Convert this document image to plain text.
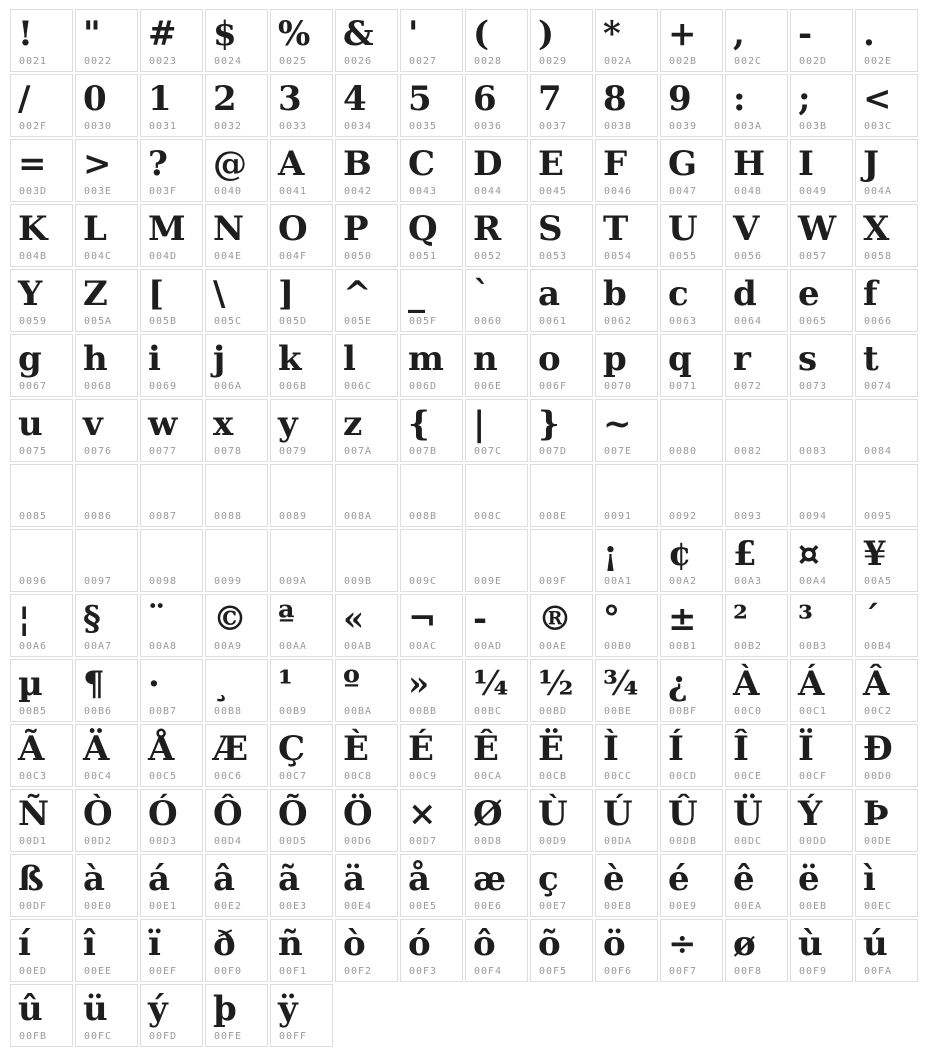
!
0021
"
0022
#
0023
$
0024
%
0025
&
0026
'
0027
(
0028
)
0029
*
002A
+
002B
,
002C
-
002D
.
002E
/
002F
0
0030
1
0031
2
0032
3
0033
4
0034
5
0035
6
0036
7
0037
8
0038
9
0039
:
003A
;
003B
<
003C
=
003D
>
003E
?
003F
@
0040
A
0041
B
0042
C
0043
D
0044
E
0045
F
0046
G
0047
H
0048
I
0049
J
004A
K
004B
L
004C
M
004D
N
004E
O
004F
P
0050
Q
0051
R
0052
S
0053
T
0054
U
0055
V
0056
W
0057
X
0058
Y
0059
Z
005A
[
005B
\
005C
]
005D
^
005E
_
005F
`
0060
a
0061
b
0062
c
0063
d
0064
e
0065
f
0066
g
0067
h
0068
i
0069
j
006A
k
006B
l
006C
m
006D
n
006E
o
006F
p
0070
q
0071
r
0072
s
0073
t
0074
u
0075
v
0076
w
0077
x
0078
y
0079
z
007A
{
007B
|
007C
}
007D
~
007E	0080	0082	0083	0084
0085	0086	0087	0088	0089	008A	008B	008C	008E	0091	0092	0093	0094	0095
0096	0097	0098	0099	009A	009B	009C	009E	009F
¡
00A1
¢
00A2
£
00A3
¤
00A4
¥
00A5
¦
00A6
§
00A7
¨
00A8
©
00A9
ª
00AA
«
00AB
¬
00AC
-
00AD
®
00AE
°
00B0
±
00B1
²
00B2
³
00B3
´
00B4
µ
00B5
¶
00B6
·
00B7
¸
00B8
¹
00B9
º
00BA
»
00BB
¼
00BC
½
00BD
¾
00BE
¿
00BF
À
00C0
Á
00C1
Â
00C2
Ã
00C3
Ä
00C4
Å
00C5
Æ
00C6
Ç
00C7
È
00C8
É
00C9
Ê
00CA
Ë
00CB
Ì
00CC
Í
00CD
Î
00CE
Ï
00CF
Ð
00D0
Ñ
00D1
Ò
00D2
Ó
00D3
Ô
00D4
Õ
00D5
Ö
00D6
×
00D7
Ø
00D8
Ù
00D9
Ú
00DA
Û
00DB
Ü
00DC
Ý
00DD
Þ
00DE
ß
00DF
à
00E0
á
00E1
â
00E2
ã
00E3
ä
00E4
å
00E5
æ
00E6
ç
00E7
è
00E8
é
00E9
ê
00EA
ë
00EB
ì
00EC
í
00ED
î
00EE
ï
00EF
ð
00F0
ñ
00F1
ò
00F2
ó
00F3
ô
00F4
õ
00F5
ö
00F6
÷
00F7
ø
00F8
ù
00F9
ú
00FA
û
00FB
ü
00FC
ý
00FD
þ
00FE
ÿ
00FF
